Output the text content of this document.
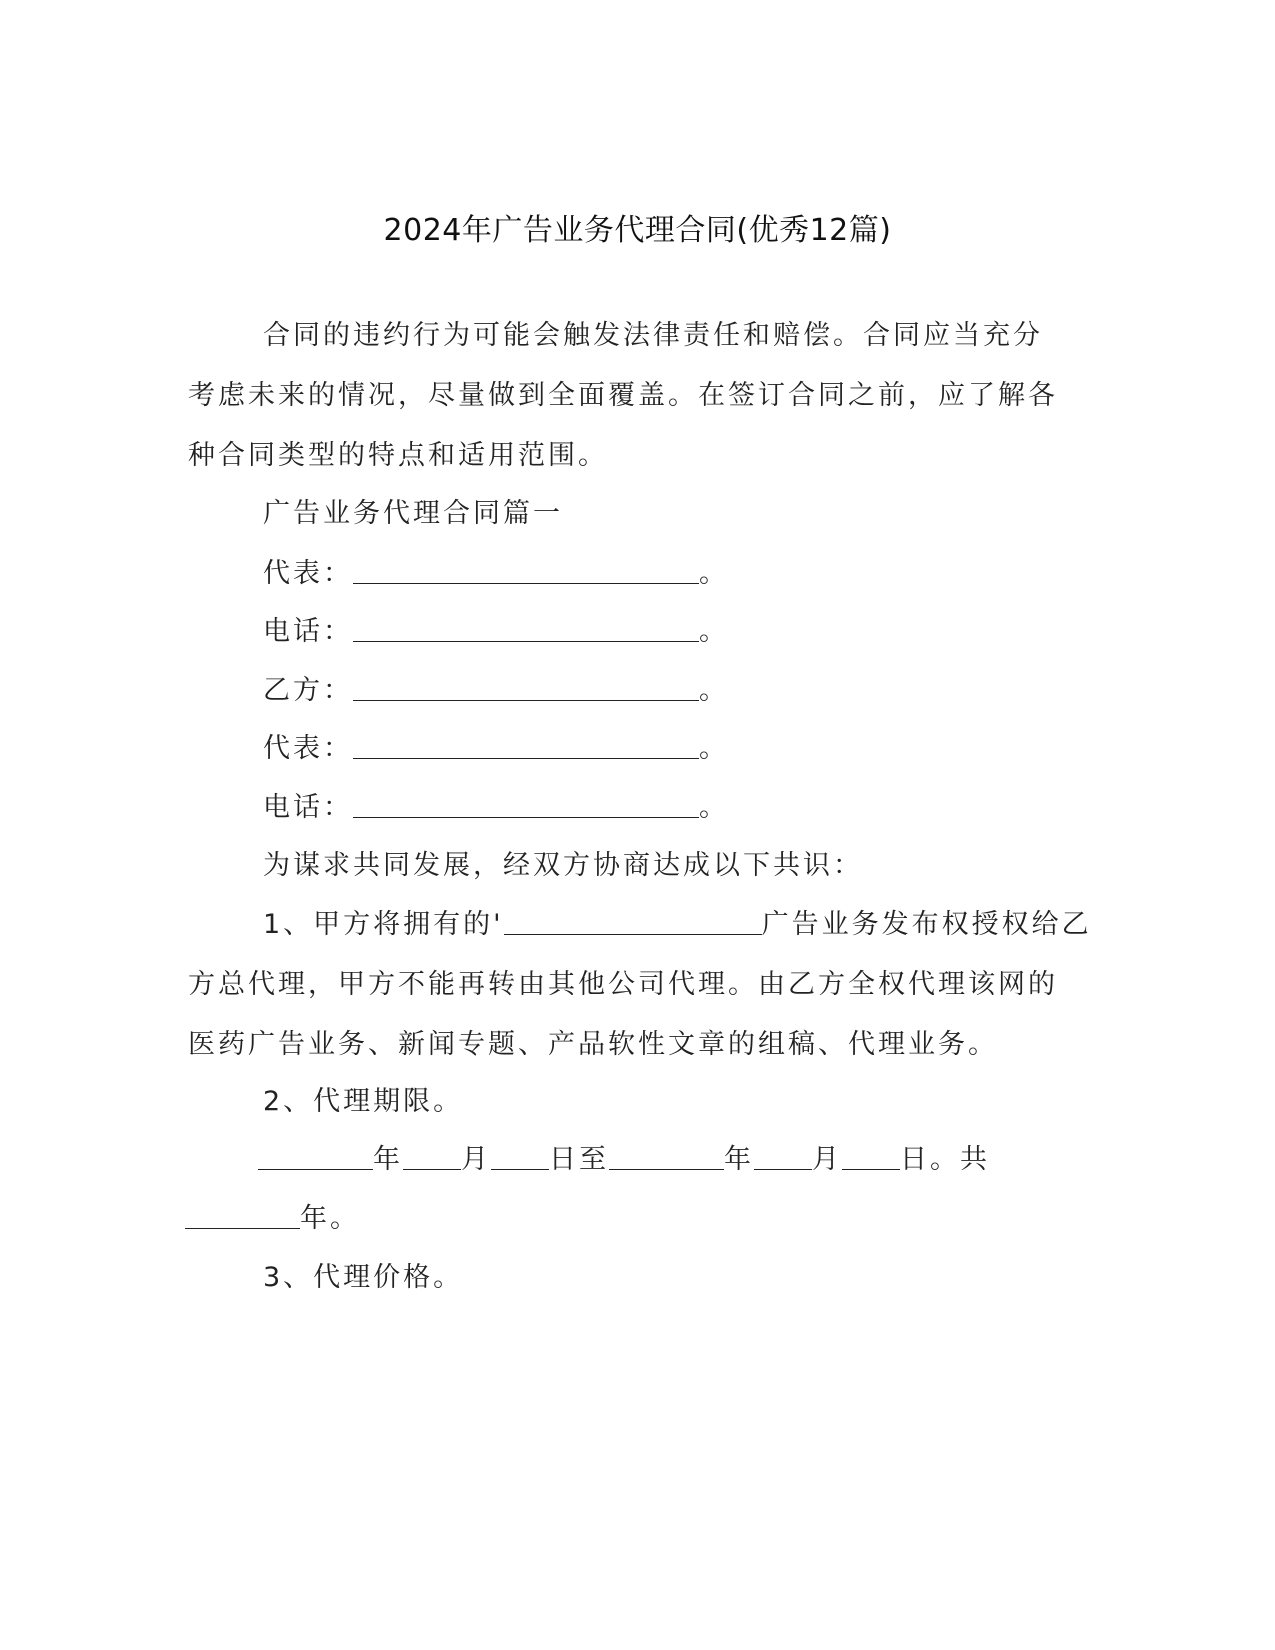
2024年广告业务代理合同(优秀12篇)
合同的违约行为可能会触发法律责任和赔偿。合同应当充分考虑未来的情况，尽量做到全面覆盖。在签订合同之前，应了解各种合同类型的特点和适用范围。
广告业务代理合同篇一
代表：	。
电话：	。
乙方：	。
代表：	。
电话：	。
为谋求共同发展，经双方协商达成以下共识：
1、甲方将拥有的'	广告业务发布权授权给乙
方总代理，甲方不能再转由其他公司代理。由乙方全权代理该网的医药广告业务、新闻专题、产品软性文章的组稿、代理业务。
2、代理期限。
年 月 日至	年 月 日。共
年。
3、代理价格。
